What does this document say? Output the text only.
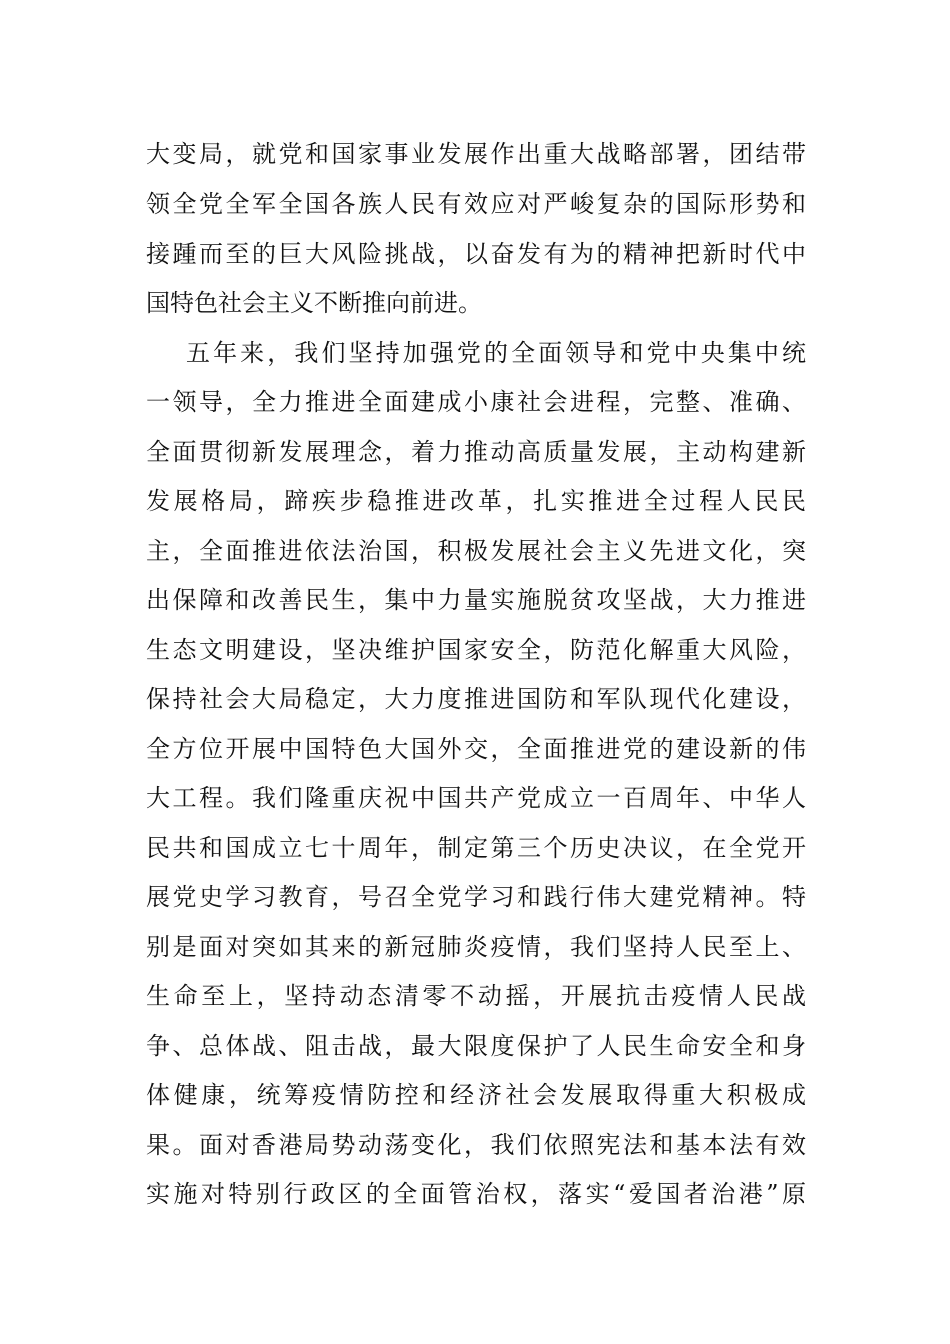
大变局，就党和国家事业发展作出重大战略部署，团结带
领全党全军全国各族人民有效应对严峻复杂的国际形势和
接踵而至的巨大风险挑战，以奋发有为的精神把新时代中
国特色社会主义不断推向前进。
五年来，我们坚持加强党的全面领导和党中央集中统
一领导，全力推进全面建成小康社会进程，完整、准确、
全面贯彻新发展理念，着力推动高质量发展，主动构建新
发展格局，蹄疾步稳推进改革，扎实推进全过程人民民
主，全面推进依法治国，积极发展社会主义先进文化，突
出保障和改善民生，集中力量实施脱贫攻坚战，大力推进
生态文明建设，坚决维护国家安全，防范化解重大风险，
保持社会大局稳定，大力度推进国防和军队现代化建设，
全方位开展中国特色大国外交，全面推进党的建设新的伟
大工程。我们隆重庆祝中国共产党成立一百周年、中华人
民共和国成立七十周年，制定第三个历史决议，在全党开
展党史学习教育，号召全党学习和践行伟大建党精神。特
别是面对突如其来的新冠肺炎疫情，我们坚持人民至上、
生命至上，坚持动态清零不动摇，开展抗击疫情人民战
争、总体战、阻击战，最大限度保护了人民生命安全和身
体健康，统筹疫情防控和经济社会发展取得重大积极成
果。面对香港局势动荡变化，我们依照宪法和基本法有效
实施对特别行政区的全面管治权，落实“爱国者治港”原
